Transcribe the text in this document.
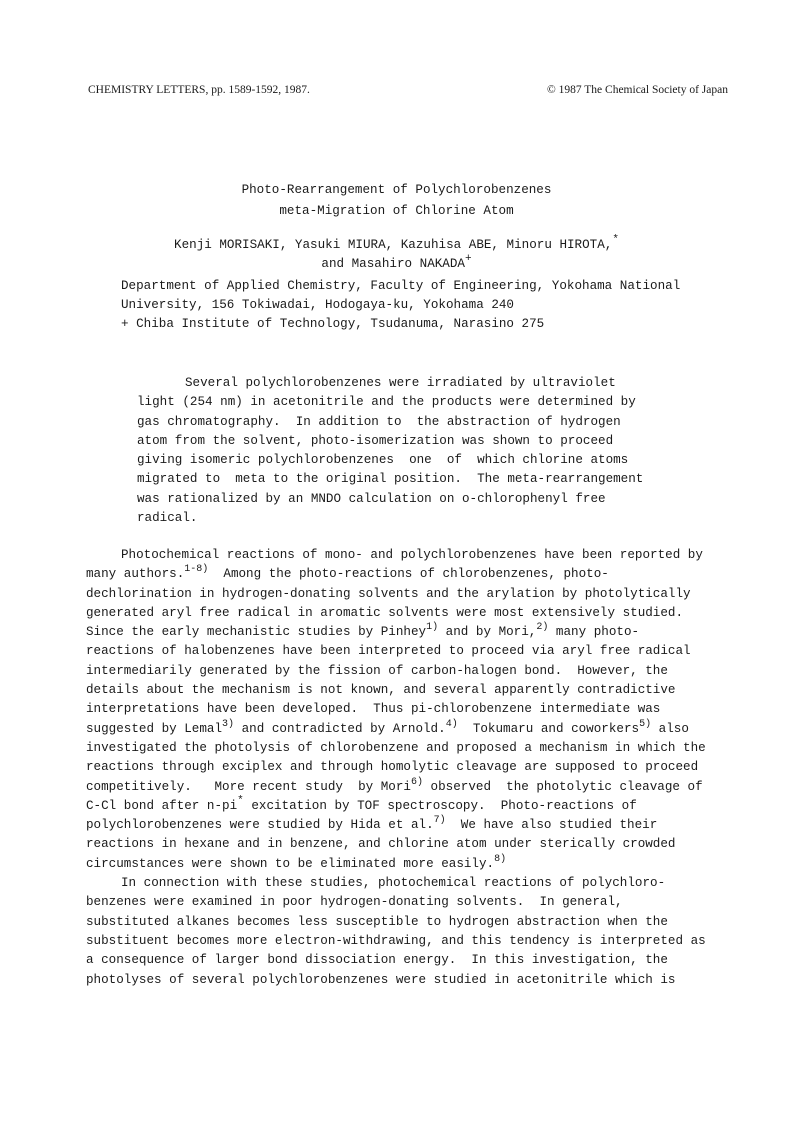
CHEMISTRY LETTERS, pp. 1589-1592, 1987.	© 1987 The Chemical Society of Japan
Photo-Rearrangement of Polychlorobenzenes
meta-Migration of Chlorine Atom
Kenji MORISAKI, Yasuki MIURA, Kazuhisa ABE, Minoru HIROTA,*
and Masahiro NAKADA+
Department of Applied Chemistry, Faculty of Engineering, Yokohama National
University, 156 Tokiwadai, Hodogaya-ku, Yokohama 240
+ Chiba Institute of Technology, Tsudanuma, Narasino 275
Several polychlorobenzenes were irradiated by ultraviolet
light (254 nm) in acetonitrile and the products were determined by
gas chromatography.  In addition to  the abstraction of hydrogen
atom from the solvent, photo-isomerization was shown to proceed
giving isomeric polychlorobenzenes  one  of  which chlorine atoms
migrated to  meta to the original position.  The meta-rearrangement
was rationalized by an MNDO calculation on o-chlorophenyl free
radical.

Photochemical reactions of mono- and polychlorobenzenes have been reported by
many authors.$^{1-8)}$  Among the photo-reactions of chlorobenzenes, photo-
dechlorination in hydrogen-donating solvents and the arylation by photolytically
generated aryl free radical in aromatic solvents were most extensively studied.
Since the early mechanistic studies by Pinhey$^{1)}$ and by Mori,$^{2)}$ many photo-
reactions of halobenzenes have been interpreted to proceed via aryl free radical
intermediarily generated by the fission of carbon-halogen bond.  However, the
details about the mechanism is not known, and several apparently contradictive
interpretations have been developed.  Thus pi-chlorobenzene intermediate was
suggested by Lemal$^{3)}$ and contradicted by Arnold.$^{4)}$  Tokumaru and coworkers$^{5)}$ also
investigated the photolysis of chlorobenzene and proposed a mechanism in which the
reactions through exciplex and through homolytic cleavage are supposed to proceed
competitively.   More recent study  by Mori$^{6)}$ observed  the photolytic cleavage of
C-Cl bond after n-pi* excitation by TOF spectroscopy.  Photo-reactions of
polychlorobenzenes were studied by Hida et al.$^{7)}$  We have also studied their
reactions in hexane and in benzene, and chlorine atom under sterically crowded
circumstances were shown to be eliminated more easily.$^{8)}$

In connection with these studies, photochemical reactions of polychloro-
benzenes were examined in poor hydrogen-donating solvents.  In general,
substituted alkanes becomes less susceptible to hydrogen abstraction when the
substituent becomes more electron-withdrawing, and this tendency is interpreted as
a consequence of larger bond dissociation energy.  In this investigation, the
photolyses of several polychlorobenzenes were studied in acetonitrile which is
